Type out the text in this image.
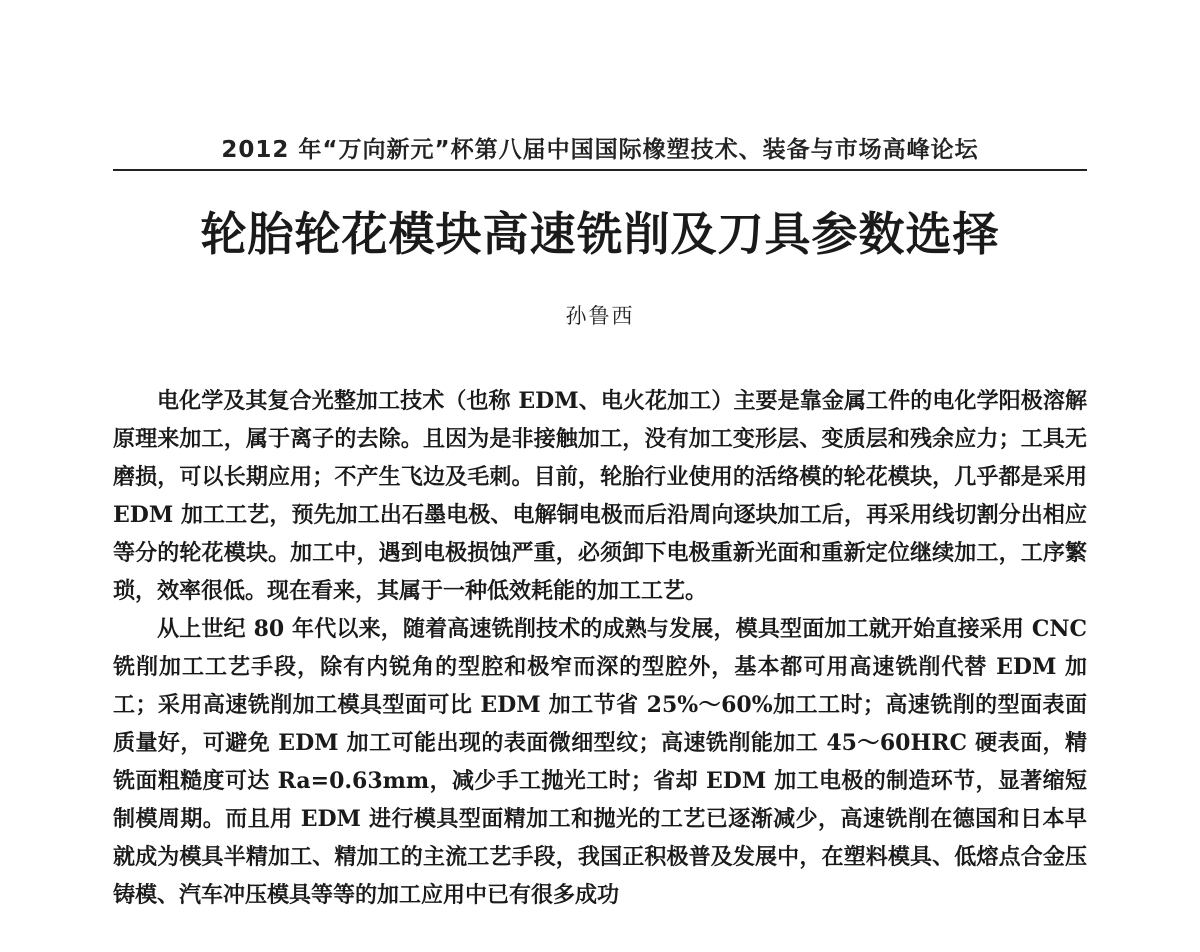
2012 年“万向新元”杯第八届中国国际橡塑技术、装备与市场高峰论坛
轮胎轮花模块高速铣削及刀具参数选择
孙鲁西

电化学及其复合光整加工技术（也称 EDM、电火花加工）主要是靠金属工件的电化学阳极溶解原理来加工，属于离子的去除。且因为是非接触加工，没有加工变形层、变质层和残余应力；工具无磨损，可以长期应用；不产生飞边及毛刺。目前，轮胎行业使用的活络模的轮花模块，几乎都是采用 EDM 加工工艺，预先加工出石墨电极、电解铜电极而后沿周向逐块加工后，再采用线切割分出相应等分的轮花模块。加工中，遇到电极损蚀严重，必须卸下电极重新光面和重新定位继续加工，工序繁琐，效率很低。现在看来，其属于一种低效耗能的加工工艺。

从上世纪 80 年代以来，随着高速铣削技术的成熟与发展，模具型面加工就开始直接采用 CNC 铣削加工工艺手段，除有内锐角的型腔和极窄而深的型腔外，基本都可用高速铣削代替 EDM 加工；采用高速铣削加工模具型面可比 EDM 加工节省 25%～60%加工工时；高速铣削的型面表面质量好，可避免 EDM 加工可能出现的表面微细型纹；高速铣削能加工 45～60HRC 硬表面，精铣面粗糙度可达 Ra=0.63mm，减少手工抛光工时；省却 EDM 加工电极的制造环节，显著缩短制模周期。而且用 EDM 进行模具型面精加工和抛光的工艺已逐渐减少，高速铣削在德国和日本早就成为模具半精加工、精加工的主流工艺手段，我国正积极普及发展中，在塑料模具、低熔点合金压铸模、汽车冲压模具等等的加工应用中已有很多成功
